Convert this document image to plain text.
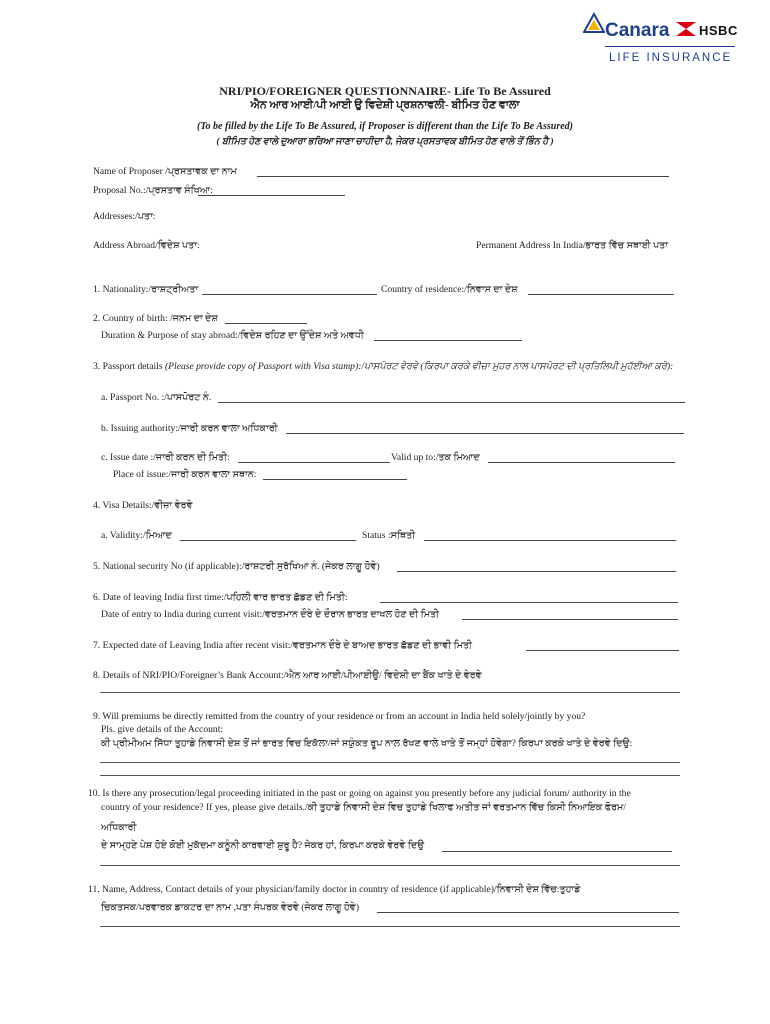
Canara HSBC
LIFE INSURANCE
NRI/PIO/FOREIGNER QUESTIONNAIRE- Life To Be Assured
ਐਨ ਆਰ ਆਈ/ਪੀ ਆਈ ਉ ਵਿਦੇਸ਼ੀ ਪ੍ਰਸ਼ਨਾਵਲੀ- ਬੀਮਿਤ ਹੋਣ ਵਾਲਾ
(To be filled by the Life To Be Assured, if Proposer is different than the Life To Be Assured)
( ਬੀਮਿਤ ਹੋਣ ਵਾਲੇ ਦੁਆਰਾ ਭਰਿਆ ਜਾਣਾ ਚਾਹੀਦਾ ਹੈ, ਜੇਕਰ ਪ੍ਰਸਤਾਵਕ ਬੀਮਿਤ ਹੋਣ ਵਾਲੇ ਤੋਂ ਭਿੰਨ ਹੈ )
Name of Proposer /ਪ੍ਰਸਤਾਵਕ ਦਾ ਨਾਮ
Proposal No.:/ਪ੍ਰਸਤਾਵ ਸੰਖਿਆ:
Addresses:/ਪਤਾ:
Address Abroad/ਵਿਦੇਸ਼ ਪਤਾ:	Permanent Address In India/ਭਾਰਤ ਵਿੱਚ ਸਥਾਈ ਪਤਾ
1. Nationality:/ਰਾਸ਼ਟ੍ਰੀਅਤਾ	Country of residence:/ਨਿਵਾਸ ਦਾ ਦੇਸ਼
2. Country of birth: /ਜਨਮ ਦਾ ਦੇਸ਼
Duration & Purpose of stay abroad:/ਵਿਦੇਸ਼ ਰਹਿਣ ਦਾ ਉੱਦੇਸ਼ ਅਤੇ ਅਵਧੀ
3. Passport details (Please provide copy of Passport with Visa stamp):/ਪਾਸਪੋਰਟ ਵੇਰਵੇ (ਕਿਰਪਾ ਕਰਕੇ ਵੀਜ਼ਾ ਮੁਹਰ ਨਾਲ ਪਾਸਪੋਰਟ ਦੀ ਪ੍ਰਤਿਲਿਪੀ ਮੁਹੱਈਆ ਕਰੋ):
a. Passport No. :/ਪਾਸਪੋਰਟ ਨੰ.
b. Issuing authority:/ਜਾਰੀ ਕਰਨ ਵਾਲਾ ਅਧਿਕਾਰੀ
c. Issue date :/ਜਾਰੀ ਕਰਨ ਦੀ ਮਿਤੀ:	Valid up to:/ਤਕ ਮਿਆਦ
Place of issue:/ਜਾਰੀ ਕਰਨ ਵਾਲਾ ਸਥਾਨ:
4. Visa Details:/ਵੀਜ਼ਾ ਵੇਰਵੇ
a. Validity:/ਮਿਆਦ	Status :ਸਥਿਤੀ
5. National security No (if applicable):/ਰਾਸ਼ਟਰੀ ਸੁਰੱਖਿਆ ਨੰ. (ਜੇਕਰ ਲਾਗੂ ਹੋਵੇ)
6. Date of leaving India first time:/ਪਹਿਲੀ ਵਾਰ ਭਾਰਤ ਛੱਡਣ ਦੀ ਮਿਤੀ:
Date of entry to India during current visit:/ਵਰਤਮਾਨ ਦੌਰੇ ਦੇ ਦੌਰਾਨ ਭਾਰਤ ਦਾਖਲ ਹੋਣ ਦੀ ਮਿਤੀ
7. Expected date of Leaving India after recent visit:/ਵਰਤਮਾਨ ਦੌਰੇ ਦੇ ਬਾਅਦ ਭਾਰਤ ਛੱਡਣ ਦੀ ਭਾਵੀ ਮਿਤੀ
8. Details of NRI/PIO/Foreigner’s Bank Account:/ਐਨ ਆਰ ਆਈ/ਪੀਆਈਉ/ ਵਿਦੇਸ਼ੀ ਦਾ ਬੈਂਕ ਖਾਤੇ ਦੇ ਵੇਰਵੇ
9. Will premiums be directly remitted from the country of your residence or from an account in India held solely/jointly by you?
Pls. give details of the Account:
ਕੀ ਪ੍ਰੀਮੀਅਮ ਸਿੱਧਾ ਤੁਹਾਡੇ ਨਿਵਾਸੀ ਦੇਸ਼ ਤੋਂ ਜਾਂ ਭਾਰਤ ਵਿਚ ਇਕੱਲਾ/ਜਾਂ ਸਯੁੰਕਤ ਰੂਪ ਨਾਲ ਰੱਖਣ ਵਾਲੇ ਖਾਤੇ ਤੋਂ ਜਮ੍ਹਾਂ ਹੋਵੇਗਾ? ਕਿਰਪਾ ਕਰਕੇ ਖਾਤੇ ਦੇ ਵੇਰਵੇ ਦਿਉ:
10. Is there any prosecution/legal proceeding initiated in the past or going on against you presently before any judicial forum/ authority in the
country of your residence? If yes, please give details./ਕੀ ਤੁਹਾਡੇ ਨਿਵਾਸੀ ਦੇਸ਼ ਵਿਚ ਤੁਹਾਡੇ ਖਿਲਾਫ ਅਤੀਤ ਜਾਂ ਵਰਤਮਾਨ ਵਿੱਚ ਕਿਸੀ ਨਿਆਇਕ ਫੋਰਮ/
ਅਧਿਕਾਰੀ
ਦੇ ਸਾਮ੍ਹਣੇ ਪੇਸ਼ ਹੋਏ ਕੋਈ ਮੁਕੱਦਮਾ ਕਨੂੰਨੀ ਕਾਰਵਾਈ ਸ਼ੁਰੂ ਹੈ? ਜੇਕਰ ਹਾਂ, ਕਿਰਪਾ ਕਰਕੇ ਵੇਰਵੇ ਦਿਉ
11. Name, Address, Contact details of your physician/family doctor in country of residence (if applicable)/ਨਿਵਾਸੀ ਦੇਸ਼ ਵਿੱਚ:ਤੁਹਾਡੇ
ਚਿਕਤਸਕ/ਪਰਵਾਰਕ ਡਾਕਟਰ ਦਾ ਨਾਮ ,ਪਤਾ ਸੰਪਰਕ ਵੇਰਵੇ (ਜੇਕਰ ਲਾਗੂ ਹੋਵੇ)
